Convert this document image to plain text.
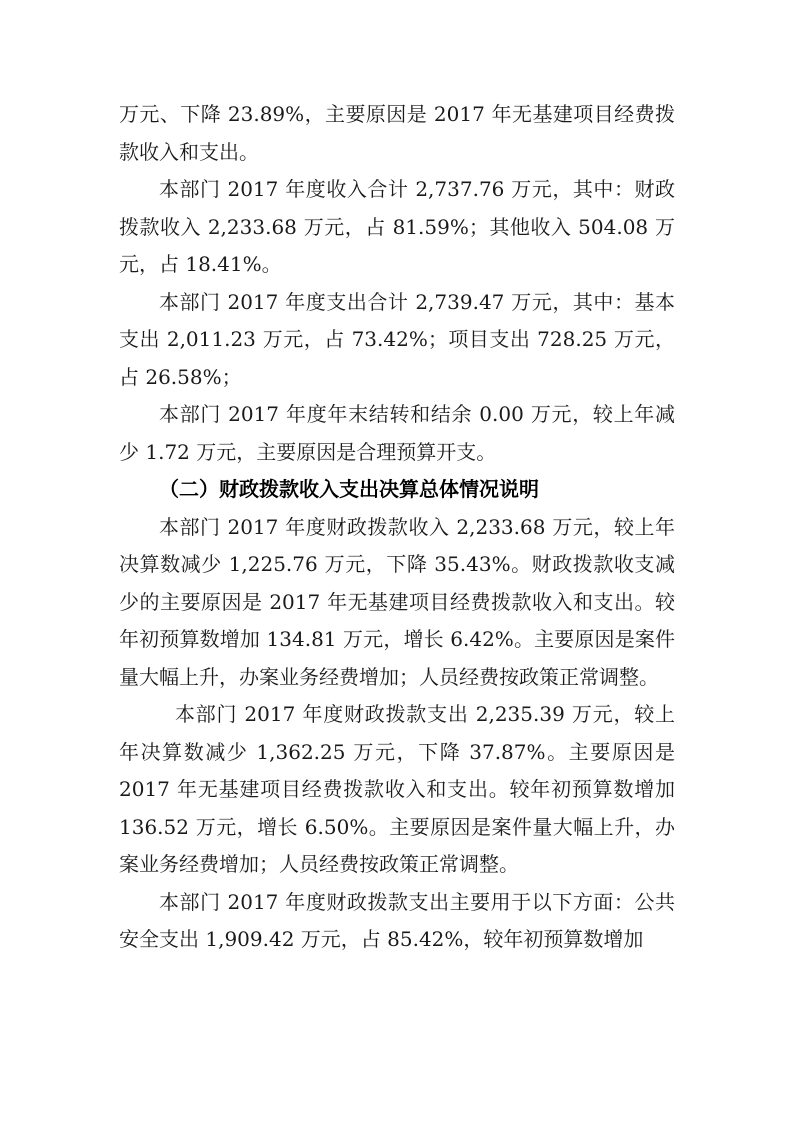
万元、下降 23.89%，主要原因是 2017 年无基建项目经费拨款收入和支出。

本部门 2017 年度收入合计 2,737.76 万元，其中：财政拨款收入 2,233.68 万元，占 81.59%；其他收入 504.08 万元，占 18.41%。

本部门 2017 年度支出合计 2,739.47 万元，其中：基本支出 2,011.23 万元，占 73.42%；项目支出 728.25 万元，占 26.58%；

本部门 2017 年度年末结转和结余 0.00 万元，较上年减少 1.72 万元，主要原因是合理预算开支。

（二）财政拨款收入支出决算总体情况说明

本部门 2017 年度财政拨款收入 2,233.68 万元，较上年决算数减少 1,225.76 万元，下降 35.43%。财政拨款收支减少的主要原因是 2017 年无基建项目经费拨款收入和支出。较年初预算数增加 134.81 万元，增长 6.42%。主要原因是案件量大幅上升，办案业务经费增加；人员经费按政策正常调整。

本部门 2017 年度财政拨款支出 2,235.39 万元，较上年决算数减少 1,362.25 万元，下降 37.87%。主要原因是 2017 年无基建项目经费拨款收入和支出。较年初预算数增加 136.52 万元，增长 6.50%。主要原因是案件量大幅上升，办案业务经费增加；人员经费按政策正常调整。

本部门 2017 年度财政拨款支出主要用于以下方面：公共安全支出 1,909.42 万元，占 85.42%，较年初预算数增加
